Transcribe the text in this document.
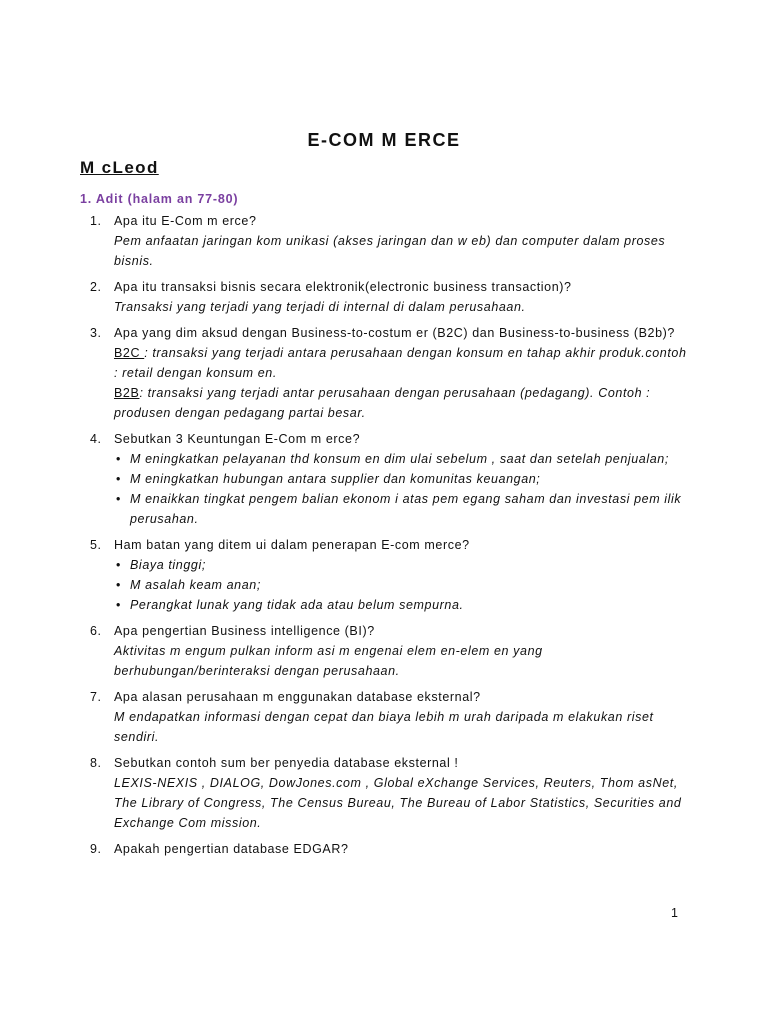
E-COM M ERCE
M cLeod
1. Adit (halam an 77-80)
1. Apa itu E-Com m erce?
Pem anfaatan jaringan kom unikasi (akses jaringan dan w eb) dan computer dalam proses bisnis.
2. Apa itu transaksi bisnis secara elektronik(electronic business transaction)?
Transaksi yang terjadi yang terjadi di internal di dalam perusahaan.
3. Apa yang dim aksud dengan Business-to-costum er (B2C) dan Business-to-business (B2b)?
B2C : transaksi yang terjadi antara perusahaan dengan konsum en tahap akhir produk.contoh : retail dengan konsum en.
B2B: transaksi yang terjadi antar perusahaan dengan perusahaan (pedagang). Contoh : produsen dengan pedagang partai besar.
4. Sebutkan 3 Keuntungan E-Com m erce?
• M eningkatkan pelayanan thd konsum en dim ulai sebelum , saat dan setelah penjualan;
• M eningkatkan hubungan antara supplier dan komunitas keuangan;
• M enaikkan tingkat pengem balian ekonom i atas pem egang saham dan investasi pem ilik perusahan.
5. Ham batan yang ditem ui dalam penerapan E-com merce?
• Biaya tinggi;
• M asalah keam anan;
• Perangkat lunak yang tidak ada atau belum sempurna.
6. Apa pengertian Business intelligence (BI)?
Aktivitas m engum pulkan inform asi m engenai elem en-elem en yang berhubungan/berinteraksi dengan perusahaan.
7. Apa alasan perusahaan m enggunakan database eksternal?
M endapatkan informasi dengan cepat dan biaya lebih m urah daripada m elakukan riset sendiri.
8. Sebutkan contoh sum ber penyedia database eksternal !
LEXIS-NEXIS , DIALOG, DowJones.com , Global eXchange Services, Reuters, Thom asNet, The Library of Congress, The Census Bureau, The Bureau of Labor Statistics, Securities and Exchange Com mission.
9. Apakah pengertian database EDGAR?
1
